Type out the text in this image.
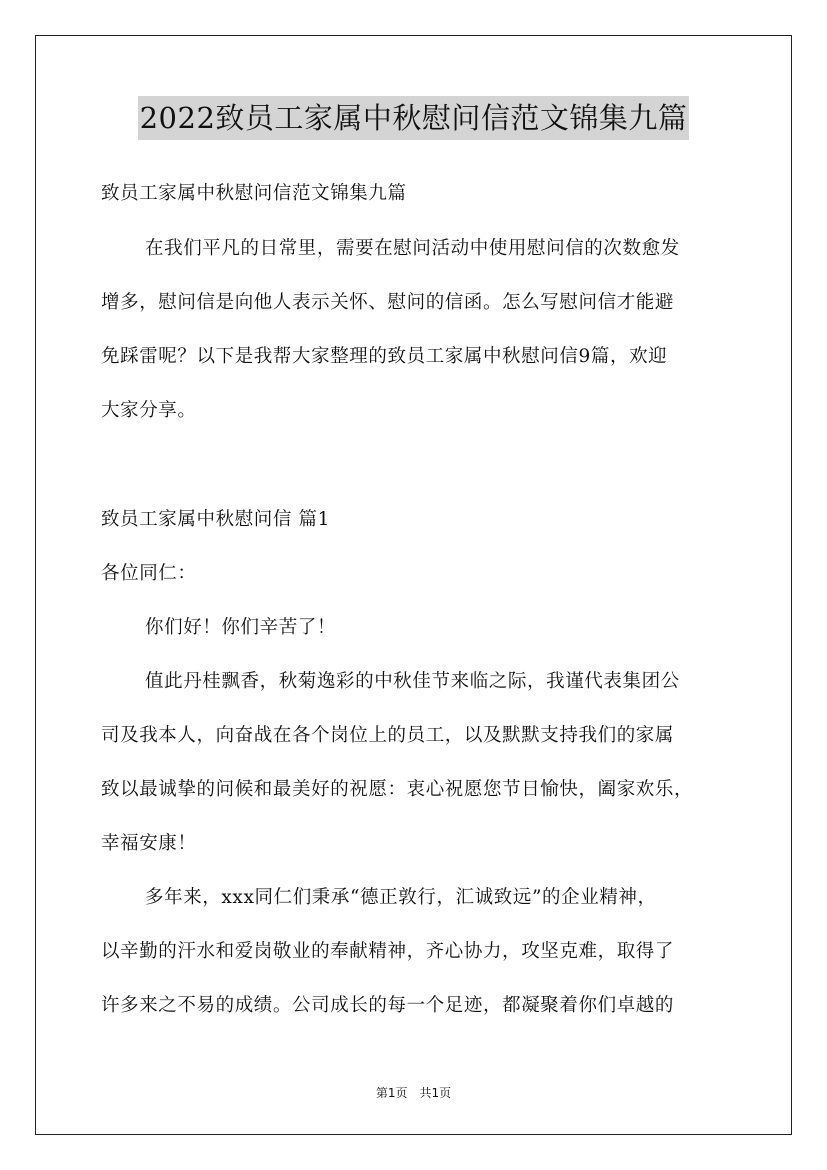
2022致员工家属中秋慰问信范文锦集九篇

致员工家属中秋慰问信范文锦集九篇

在我们平凡的日常里，需要在慰问活动中使用慰问信的次数愈发

增多，慰问信是向他人表示关怀、慰问的信函。怎么写慰问信才能避

免踩雷呢？以下是我帮大家整理的致员工家属中秋慰问信9篇，欢迎

大家分享。

致员工家属中秋慰问信 篇1

各位同仁：

你们好！你们辛苦了！

值此丹桂飘香，秋菊逸彩的中秋佳节来临之际，我谨代表集团公

司及我本人，向奋战在各个岗位上的员工，以及默默支持我们的家属

致以最诚挚的问候和最美好的祝愿：衷心祝愿您节日愉快，阖家欢乐，

幸福安康！

多年来，xxx同仁们秉承“德正敦行，汇诚致远”的企业精神，

以辛勤的汗水和爱岗敬业的奉献精神，齐心协力，攻坚克难，取得了

许多来之不易的成绩。公司成长的每一个足迹，都凝聚着你们卓越的

第1页 共1页
